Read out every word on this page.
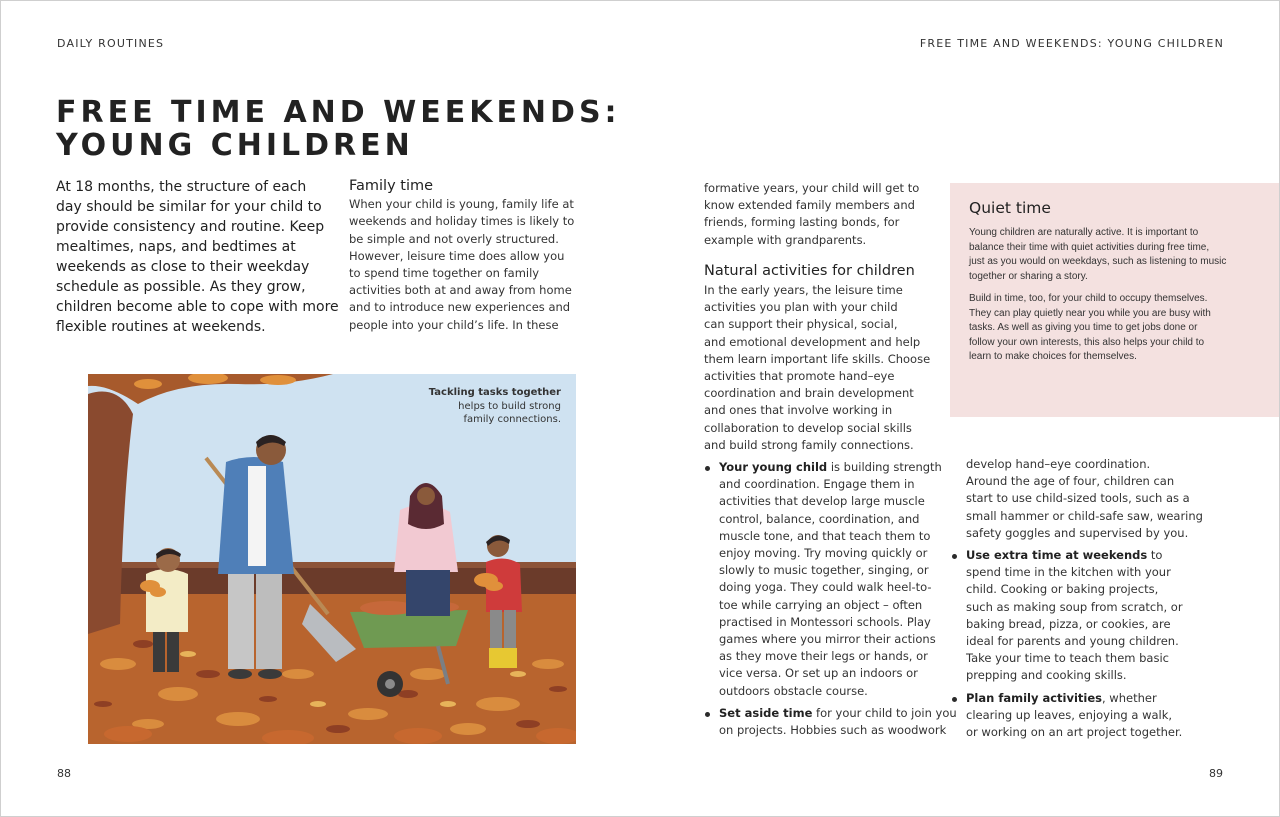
DAILY ROUTINES
FREE TIME AND WEEKENDS:
YOUNG CHILDREN
At 18 months, the structure of each
day should be similar for your child to
provide consistency and routine. Keep
mealtimes, naps, and bedtimes at
weekends as close to their weekday
schedule as possible. As they grow,
children become able to cope with more
flexible routines at weekends.
Family time
When your child is young, family life at
weekends and holiday times is likely to
be simple and not overly structured.
However, leisure time does allow you
to spend time together on family
activities both at and away from home
and to introduce new experiences and
people into your child’s life. In these
Tackling tasks together
helps to build strong
family connections.
88
FREE TIME AND WEEKENDS: YOUNG CHILDREN
formative years, your child will get to
know extended family members and
friends, forming lasting bonds, for
example with grandparents.
Natural activities for children
In the early years, the leisure time
activities you plan with your child
can support their physical, social,
and emotional development and help
them learn important life skills. Choose
activities that promote hand–eye
coordination and brain development
and ones that involve working in
collaboration to develop social skills
and build strong family connections.
Your young child is building strength
and coordination. Engage them in
activities that develop large muscle
control, balance, coordination, and
muscle tone, and that teach them to
enjoy moving. Try moving quickly or
slowly to music together, singing, or
doing yoga. They could walk heel-to-
toe while carrying an object – often
practised in Montessori schools. Play
games where you mirror their actions
as they move their legs or hands, or
vice versa. Or set up an indoors or
outdoors obstacle course.
Set aside time for your child to join you
on projects. Hobbies such as woodwork
Quiet time
Young children are naturally active. It is important to
balance their time with quiet activities during free time,
just as you would on weekdays, such as listening to music
together or sharing a story.
Build in time, too, for your child to occupy themselves.
They can play quietly near you while you are busy with
tasks. As well as giving you time to get jobs done or
follow your own interests, this also helps your child to
learn to make choices for themselves.
develop hand–eye coordination.
Around the age of four, children can
start to use child-sized tools, such as a
small hammer or child-safe saw, wearing
safety goggles and supervised by you.
Use extra time at weekends to
spend time in the kitchen with your
child. Cooking or baking projects,
such as making soup from scratch, or
baking bread, pizza, or cookies, are
ideal for parents and young children.
Take your time to teach them basic
prepping and cooking skills.
Plan family activities, whether
clearing up leaves, enjoying a walk,
or working on an art project together.
89
